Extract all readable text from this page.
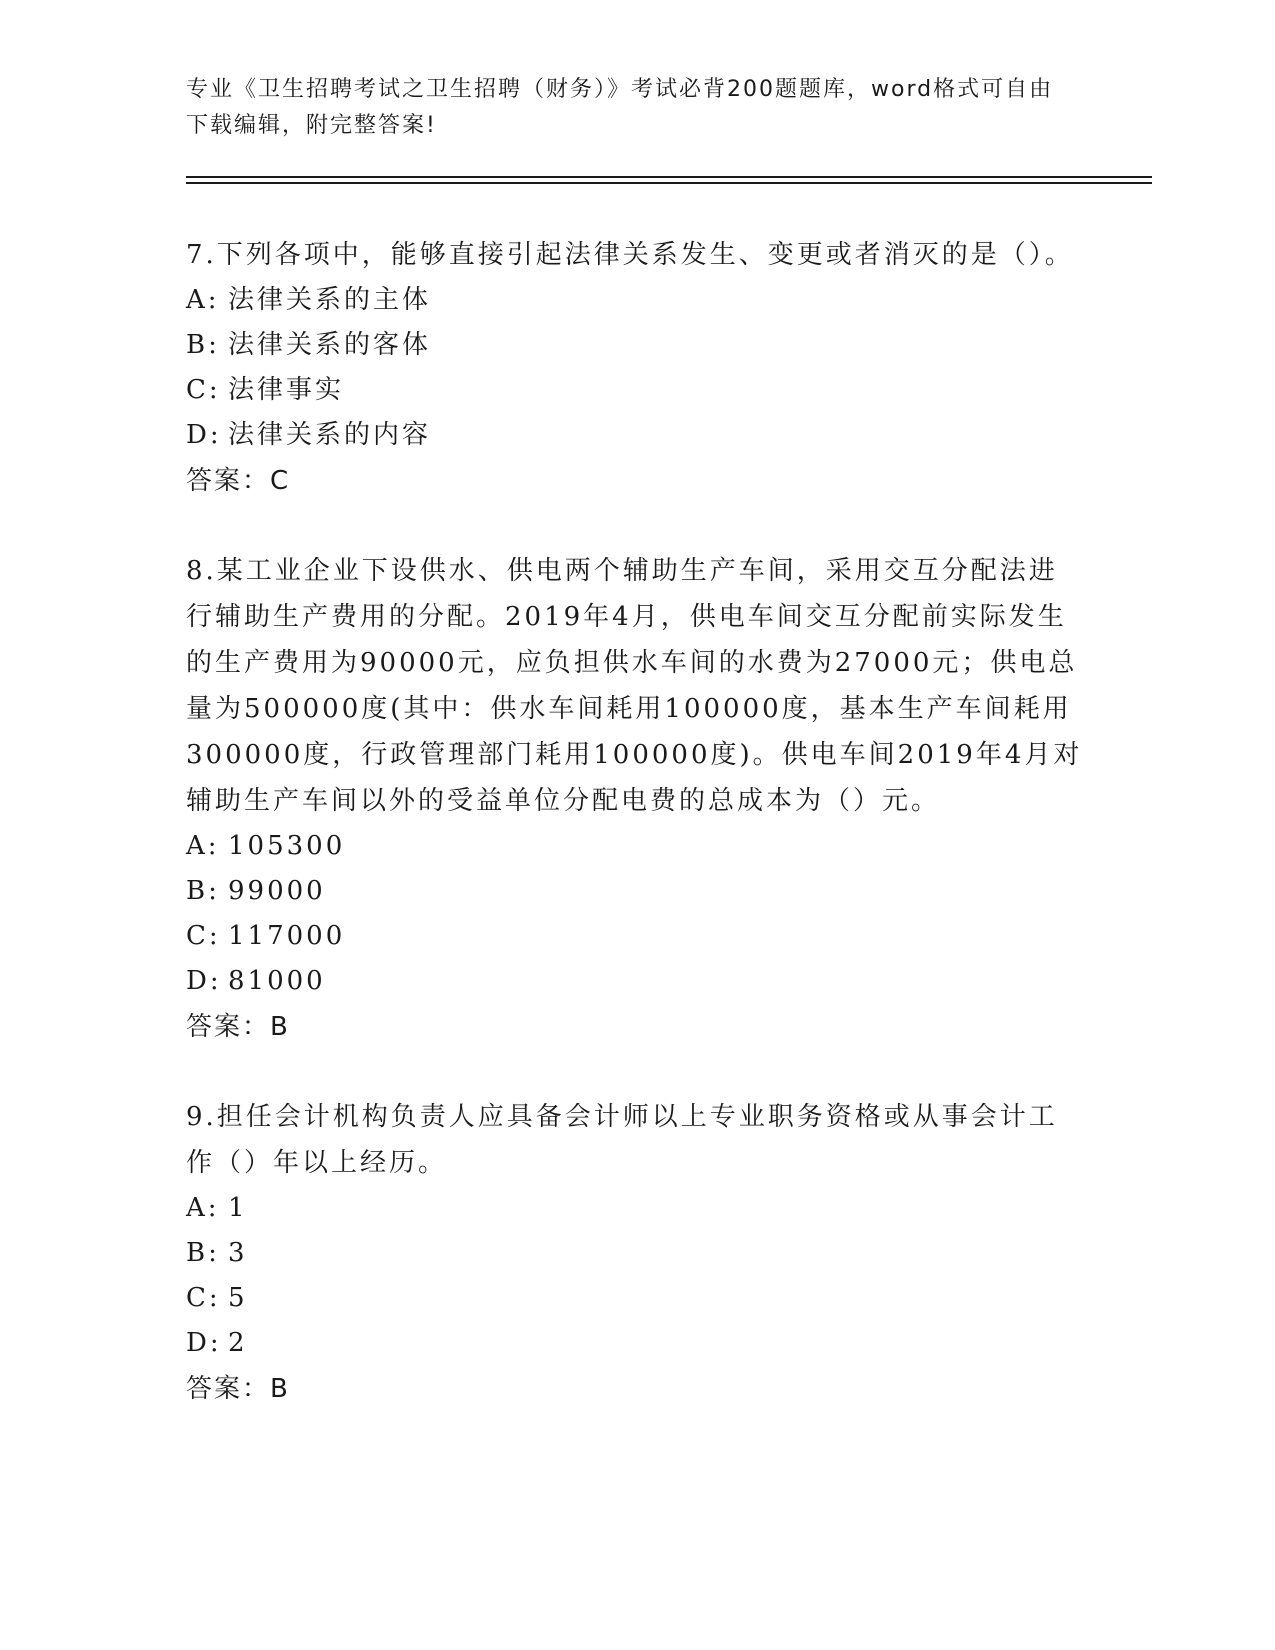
专业《卫生招聘考试之卫生招聘（财务）》考试必背200题题库，word格式可自由下载编辑，附完整答案!

7.下列各项中，能够直接引起法律关系发生、变更或者消灭的是（）。

A: 法律关系的主体

B: 法律关系的客体

C: 法律事实

D: 法律关系的内容

答案：C

8.某工业企业下设供水、供电两个辅助生产车间，采用交互分配法进行辅助生产费用的分配。2019年4月，供电车间交互分配前实际发生的生产费用为90000元，应负担供水车间的水费为27000元；供电总量为500000度(其中：供水车间耗用100000度，基本生产车间耗用300000度，行政管理部门耗用100000度)。供电车间2019年4月对辅助生产车间以外的受益单位分配电费的总成本为（）元。

A: 105300

B: 99000

C: 117000

D: 81000

答案：B

9.担任会计机构负责人应具备会计师以上专业职务资格或从事会计工作（）年以上经历。

A: 1

B: 3

C: 5

D: 2

答案：B
